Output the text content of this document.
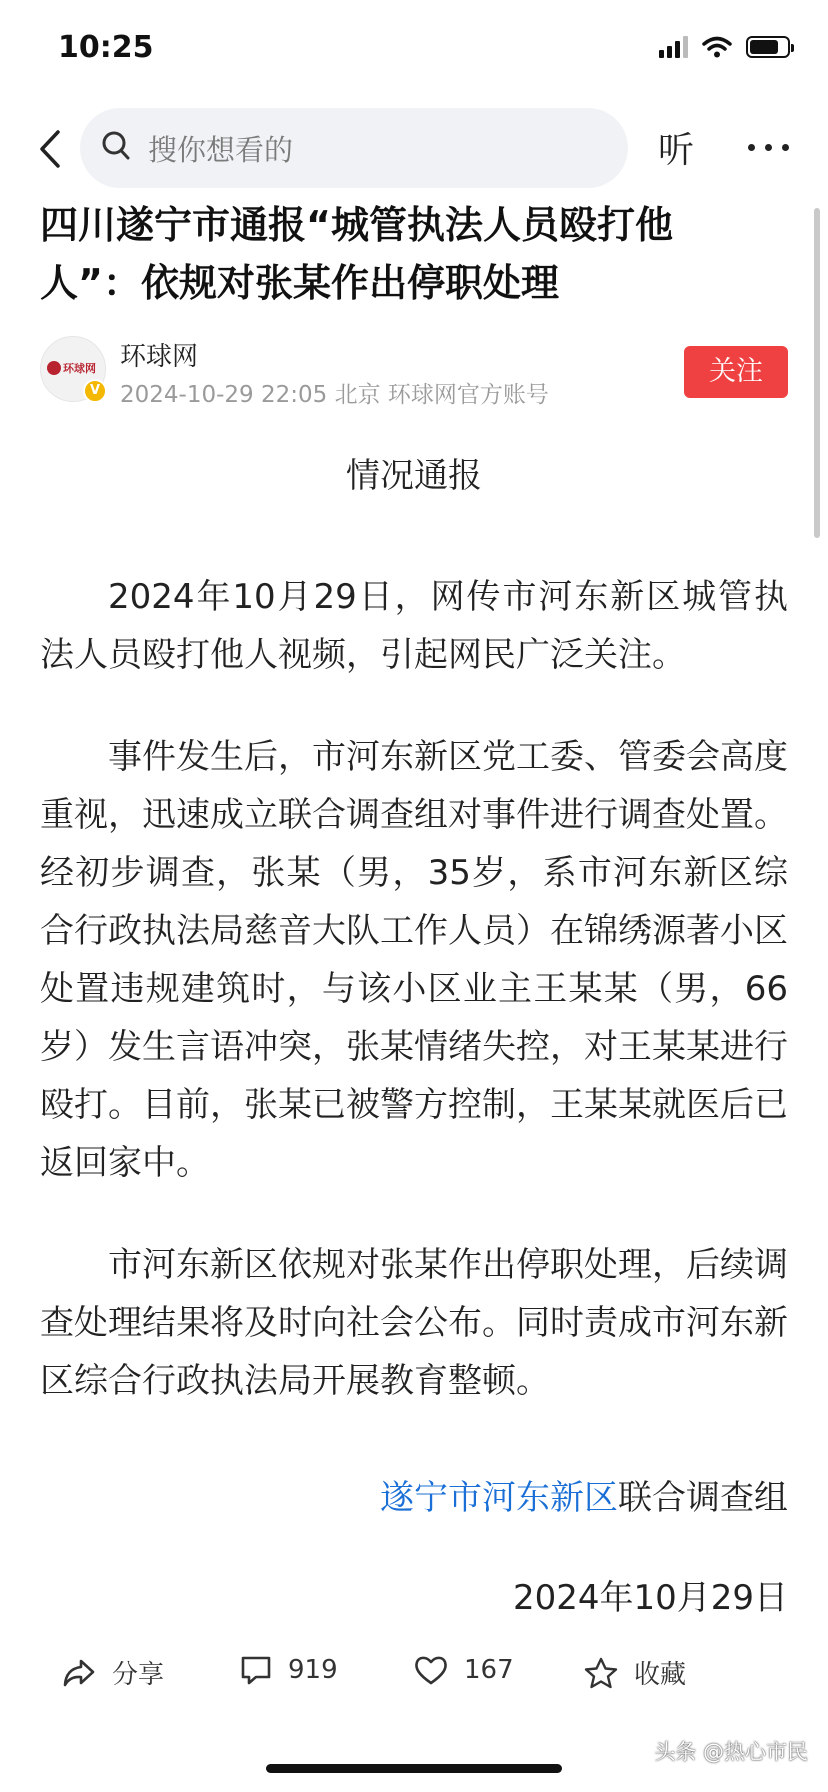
10:25
搜你想看的	听
四川遂宁市通报“城管执法人员殴打他人”：依规对张某作出停职处理
环球网
V
环球网
2024-10-29 22:05 北京 环球网官方账号
关注
情况通报

2024年10月29日，网传市河东新区城管执法人员殴打他人视频，引起网民广泛关注。

事件发生后，市河东新区党工委、管委会高度重视，迅速成立联合调查组对事件进行调查处置。经初步调查，张某（男，35岁，系市河东新区综合行政执法局慈音大队工作人员）在锦绣源著小区处置违规建筑时，与该小区业主王某某（男，66岁）发生言语冲突，张某情绪失控，对王某某进行殴打。目前，张某已被警方控制，王某某就医后已返回家中。

市河东新区依规对张某作出停职处理，后续调查处理结果将及时向社会公布。同时责成市河东新区综合行政执法局开展教育整顿。

遂宁市河东新区联合调查组
2024年10月29日
分享	919	167	收藏
头条 @热心市民
